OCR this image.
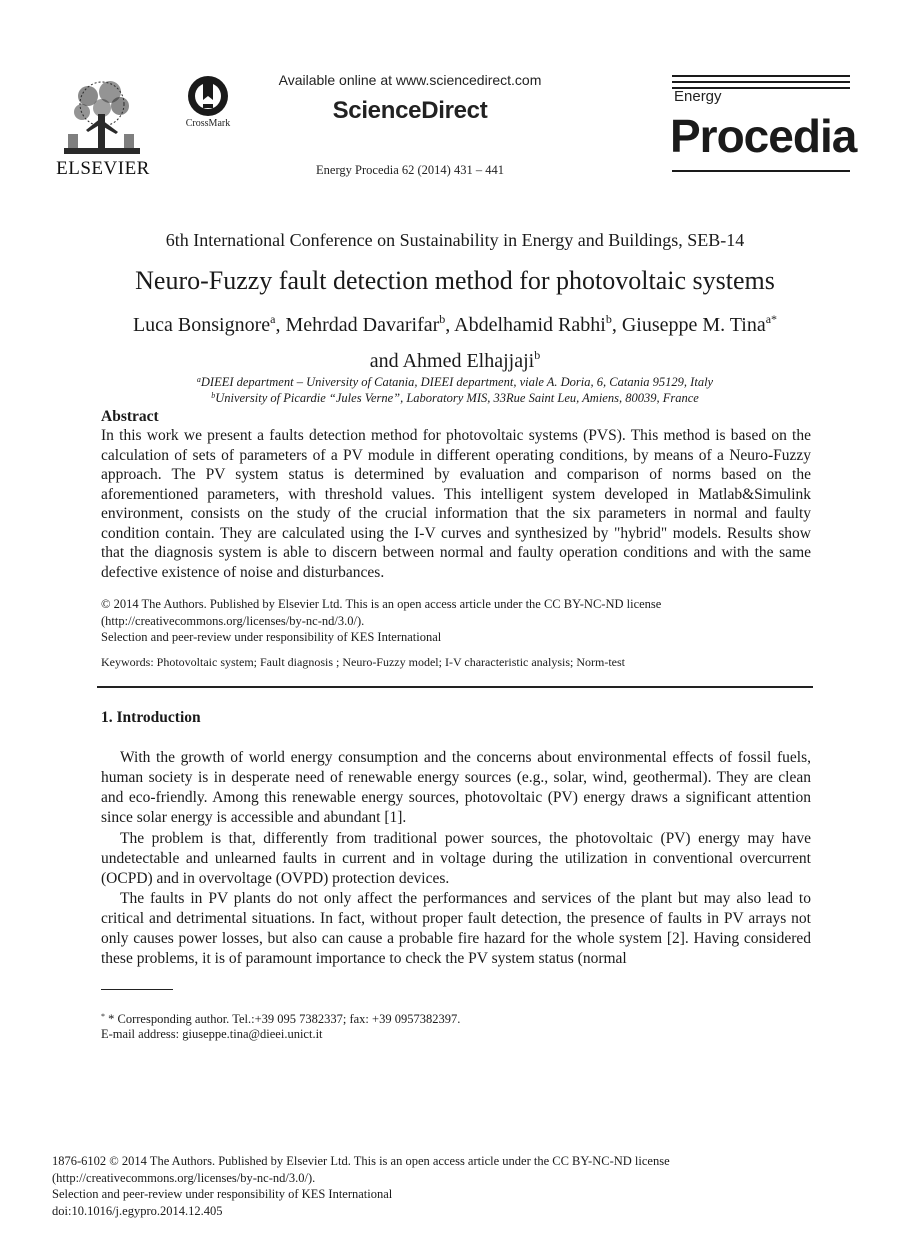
ELSEVIER
CrossMark
Available online at www.sciencedirect.com
ScienceDirect
Energy Procedia 62 (2014) 431 – 441
Energy
Procedia
6th International Conference on Sustainability in Energy and Buildings, SEB-14
Neuro-Fuzzy fault detection method for photovoltaic systems
Luca Bonsignore$^a$, Mehrdad Davarifar$^b$, Abdelhamid Rabhi$^b$, Giuseppe M. Tina$^{a*}$
and Ahmed Elhajjaji$^b$
$^a$DIEEI department – University of Catania, DIEEI department, viale A. Doria, 6, Catania 95129, Italy
$^b$University of Picardie “Jules Verne”, Laboratory MIS, 33Rue Saint Leu, Amiens, 80039, France
Abstract
In this work we present a faults detection method for photovoltaic systems (PVS). This method is based on the calculation of sets of parameters of a PV module in different operating conditions, by means of a Neuro-Fuzzy approach. The PV system status is determined by evaluation and comparison of norms based on the aforementioned parameters, with threshold values. This intelligent system developed in Matlab&Simulink environment, consists on the study of the crucial information that the six parameters in normal and faulty condition contain. They are calculated using the I-V curves and synthesized by "hybrid" models. Results show that the diagnosis system is able to discern between normal and faulty operation conditions and with the same defective existence of noise and disturbances.
© 2014 The Authors. Published by Elsevier Ltd. This is an open access article under the CC BY-NC-ND license
(http://creativecommons.org/licenses/by-nc-nd/3.0/).
Selection and peer-review under responsibility of KES International
Keywords: Photovoltaic system; Fault diagnosis ; Neuro-Fuzzy model; I-V characteristic analysis; Norm-test
1. Introduction

With the growth of world energy consumption and the concerns about environmental effects of fossil fuels, human society is in desperate need of renewable energy sources (e.g., solar, wind, geothermal). They are clean and eco-friendly. Among this renewable energy sources, photovoltaic (PV) energy draws a significant attention since solar energy is accessible and abundant [1].

The problem is that, differently from traditional power sources, the photovoltaic (PV) energy may have undetectable and unlearned faults in current and in voltage during the utilization in conventional overcurrent (OCPD) and in overvoltage (OVPD) protection devices.

The faults in PV plants do not only affect the performances and services of the plant but may also lead to critical and detrimental situations. In fact, without proper fault detection, the presence of faults in PV arrays not only causes power losses, but also can cause a probable fire hazard for the whole system [2]. Having considered these problems, it is of paramount importance to check the PV system status (normal

* * Corresponding author. Tel.:+39 095 7382337; fax: +39 0957382397.
E-mail address: giuseppe.tina@dieei.unict.it
1876-6102 © 2014 The Authors. Published by Elsevier Ltd. This is an open access article under the CC BY-NC-ND license
(http://creativecommons.org/licenses/by-nc-nd/3.0/).
Selection and peer-review under responsibility of KES International
doi:10.1016/j.egypro.2014.12.405
